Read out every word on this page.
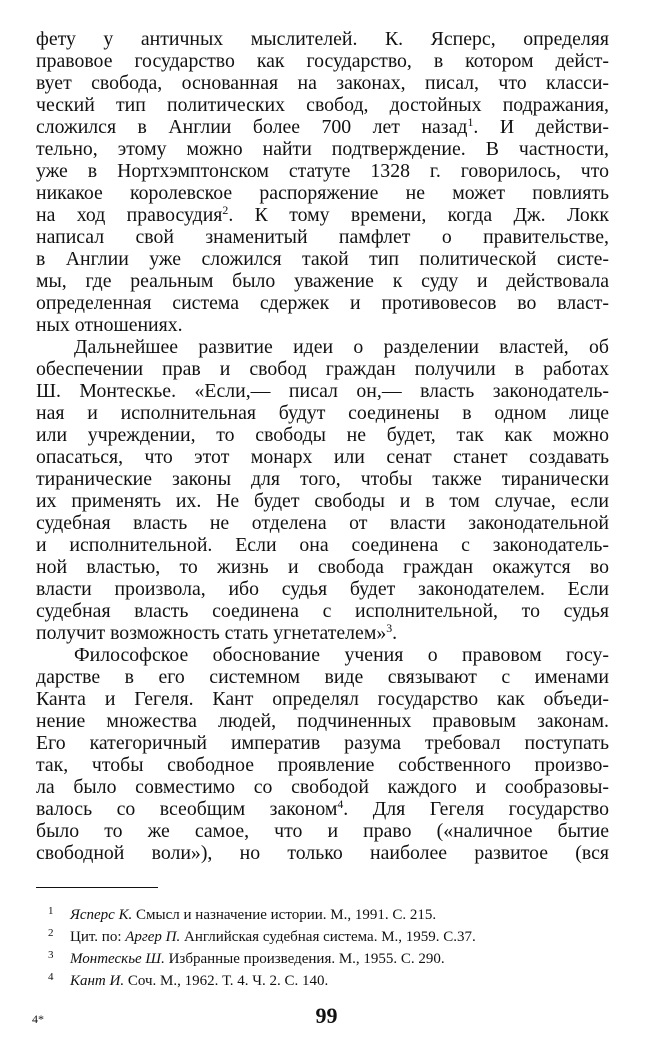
фету у античных мыслителей. К. Ясперс, определяя
правовое государство как государство, в котором дейст-
вует свобода, основанная на законах, писал, что класси-
ческий тип политических свобод, достойных подражания,
сложился в Англии более 700 лет назад$^1$. И действи-
тельно, этому можно найти подтверждение. В частности,
уже в Нортхэмптонском статуте 1328 г. говорилось, что
никакое королевское распоряжение не может повлиять
на ход правосудия$^2$. К тому времени, когда Дж. Локк
написал свой знаменитый памфлет о правительстве,
в Англии уже сложился такой тип политической систе-
мы, где реальным было уважение к суду и действовала
определенная система сдержек и противовесов во власт-
ных отношениях.
Дальнейшее развитие идеи о разделении властей, об
обеспечении прав и свобод граждан получили в работах
Ш. Монтескье. «Если,— писал он,— власть законодатель-
ная и исполнительная будут соединены в одном лице
или учреждении, то свободы не будет, так как можно
опасаться, что этот монарх или сенат станет создавать
тиранические законы для того, чтобы также тиранически
их применять их. Не будет свободы и в том случае, если
судебная власть не отделена от власти законодательной
и исполнительной. Если она соединена с законодатель-
ной властью, то жизнь и свобода граждан окажутся во
власти произвола, ибо судья будет законодателем. Если
судебная власть соединена с исполнительной, то судья
получит возможность стать угнетателем»$^3$.
Философское обоснование учения о правовом госу-
дарстве в его системном виде связывают с именами
Канта и Гегеля. Кант определял государство как объеди-
нение множества людей, подчиненных правовым законам.
Его категоричный императив разума требовал поступать
так, чтобы свободное проявление собственного произво-
ла было совместимо со свободой каждого и сообразовы-
валось со всеобщим законом$^4$. Для Гегеля государство
было то же самое, что и право («наличное бытие
свободной воли»), но только наиболее развитое (вся
1 Ясперс К. Смысл и назначение истории. М., 1991. С. 215.
2 Цит. по: Аргер П. Английская судебная система. М., 1959. С.37.
3 Монтескье Ш. Избранные произведения. М., 1955. С. 290.
4 Кант И. Соч. М., 1962. Т. 4. Ч. 2. С. 140.
4*	99
